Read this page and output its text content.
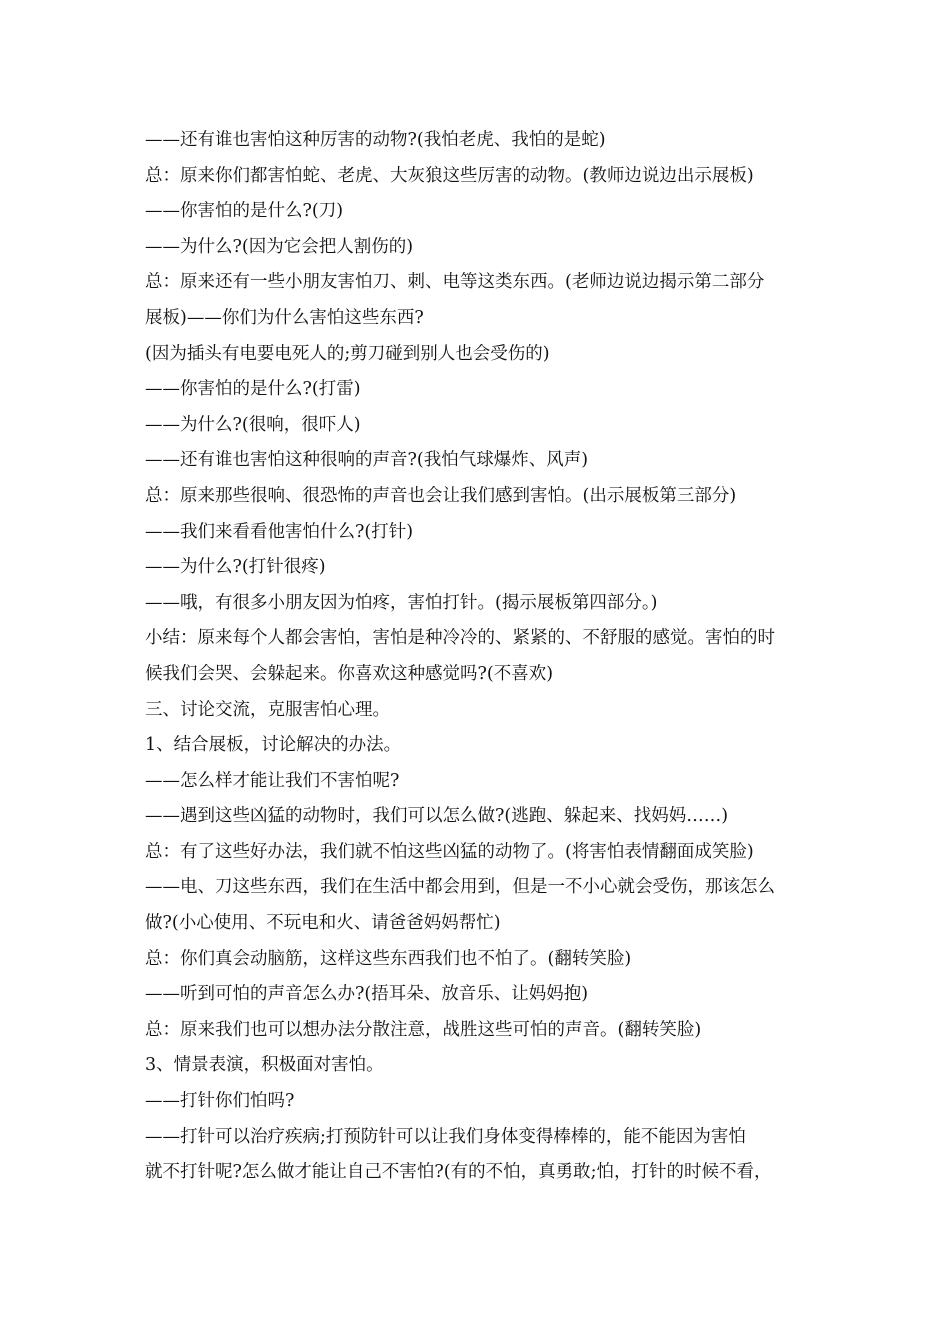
——还有谁也害怕这种厉害的动物?(我怕老虎、我怕的是蛇)
总：原来你们都害怕蛇、老虎、大灰狼这些厉害的动物。(教师边说边出示展板)
——你害怕的是什么?(刀)
——为什么?(因为它会把人割伤的)
总：原来还有一些小朋友害怕刀、刺、电等这类东西。(老师边说边揭示第二部分
展板)——你们为什么害怕这些东西?
(因为插头有电要电死人的;剪刀碰到别人也会受伤的)
——你害怕的是什么?(打雷)
——为什么?(很响，很吓人)
——还有谁也害怕这种很响的声音?(我怕气球爆炸、风声)
总：原来那些很响、很恐怖的声音也会让我们感到害怕。(出示展板第三部分)
——我们来看看他害怕什么?(打针)
——为什么?(打针很疼)
——哦，有很多小朋友因为怕疼，害怕打针。(揭示展板第四部分。)
小结：原来每个人都会害怕，害怕是种冷冷的、紧紧的、不舒服的感觉。害怕的时
候我们会哭、会躲起来。你喜欢这种感觉吗?(不喜欢)
三、讨论交流，克服害怕心理。
1、结合展板，讨论解决的办法。
——怎么样才能让我们不害怕呢?
——遇到这些凶猛的动物时，我们可以怎么做?(逃跑、躲起来、找妈妈……)
总：有了这些好办法，我们就不怕这些凶猛的动物了。(将害怕表情翻面成笑脸)
——电、刀这些东西，我们在生活中都会用到，但是一不小心就会受伤，那该怎么
做?(小心使用、不玩电和火、请爸爸妈妈帮忙)
总：你们真会动脑筋，这样这些东西我们也不怕了。(翻转笑脸)
——听到可怕的声音怎么办?(捂耳朵、放音乐、让妈妈抱)
总：原来我们也可以想办法分散注意，战胜这些可怕的声音。(翻转笑脸)
3、情景表演，积极面对害怕。
——打针你们怕吗?
——打针可以治疗疾病;打预防针可以让我们身体变得棒棒的，能不能因为害怕
就不打针呢?怎么做才能让自己不害怕?(有的不怕，真勇敢;怕，打针的时候不看，
